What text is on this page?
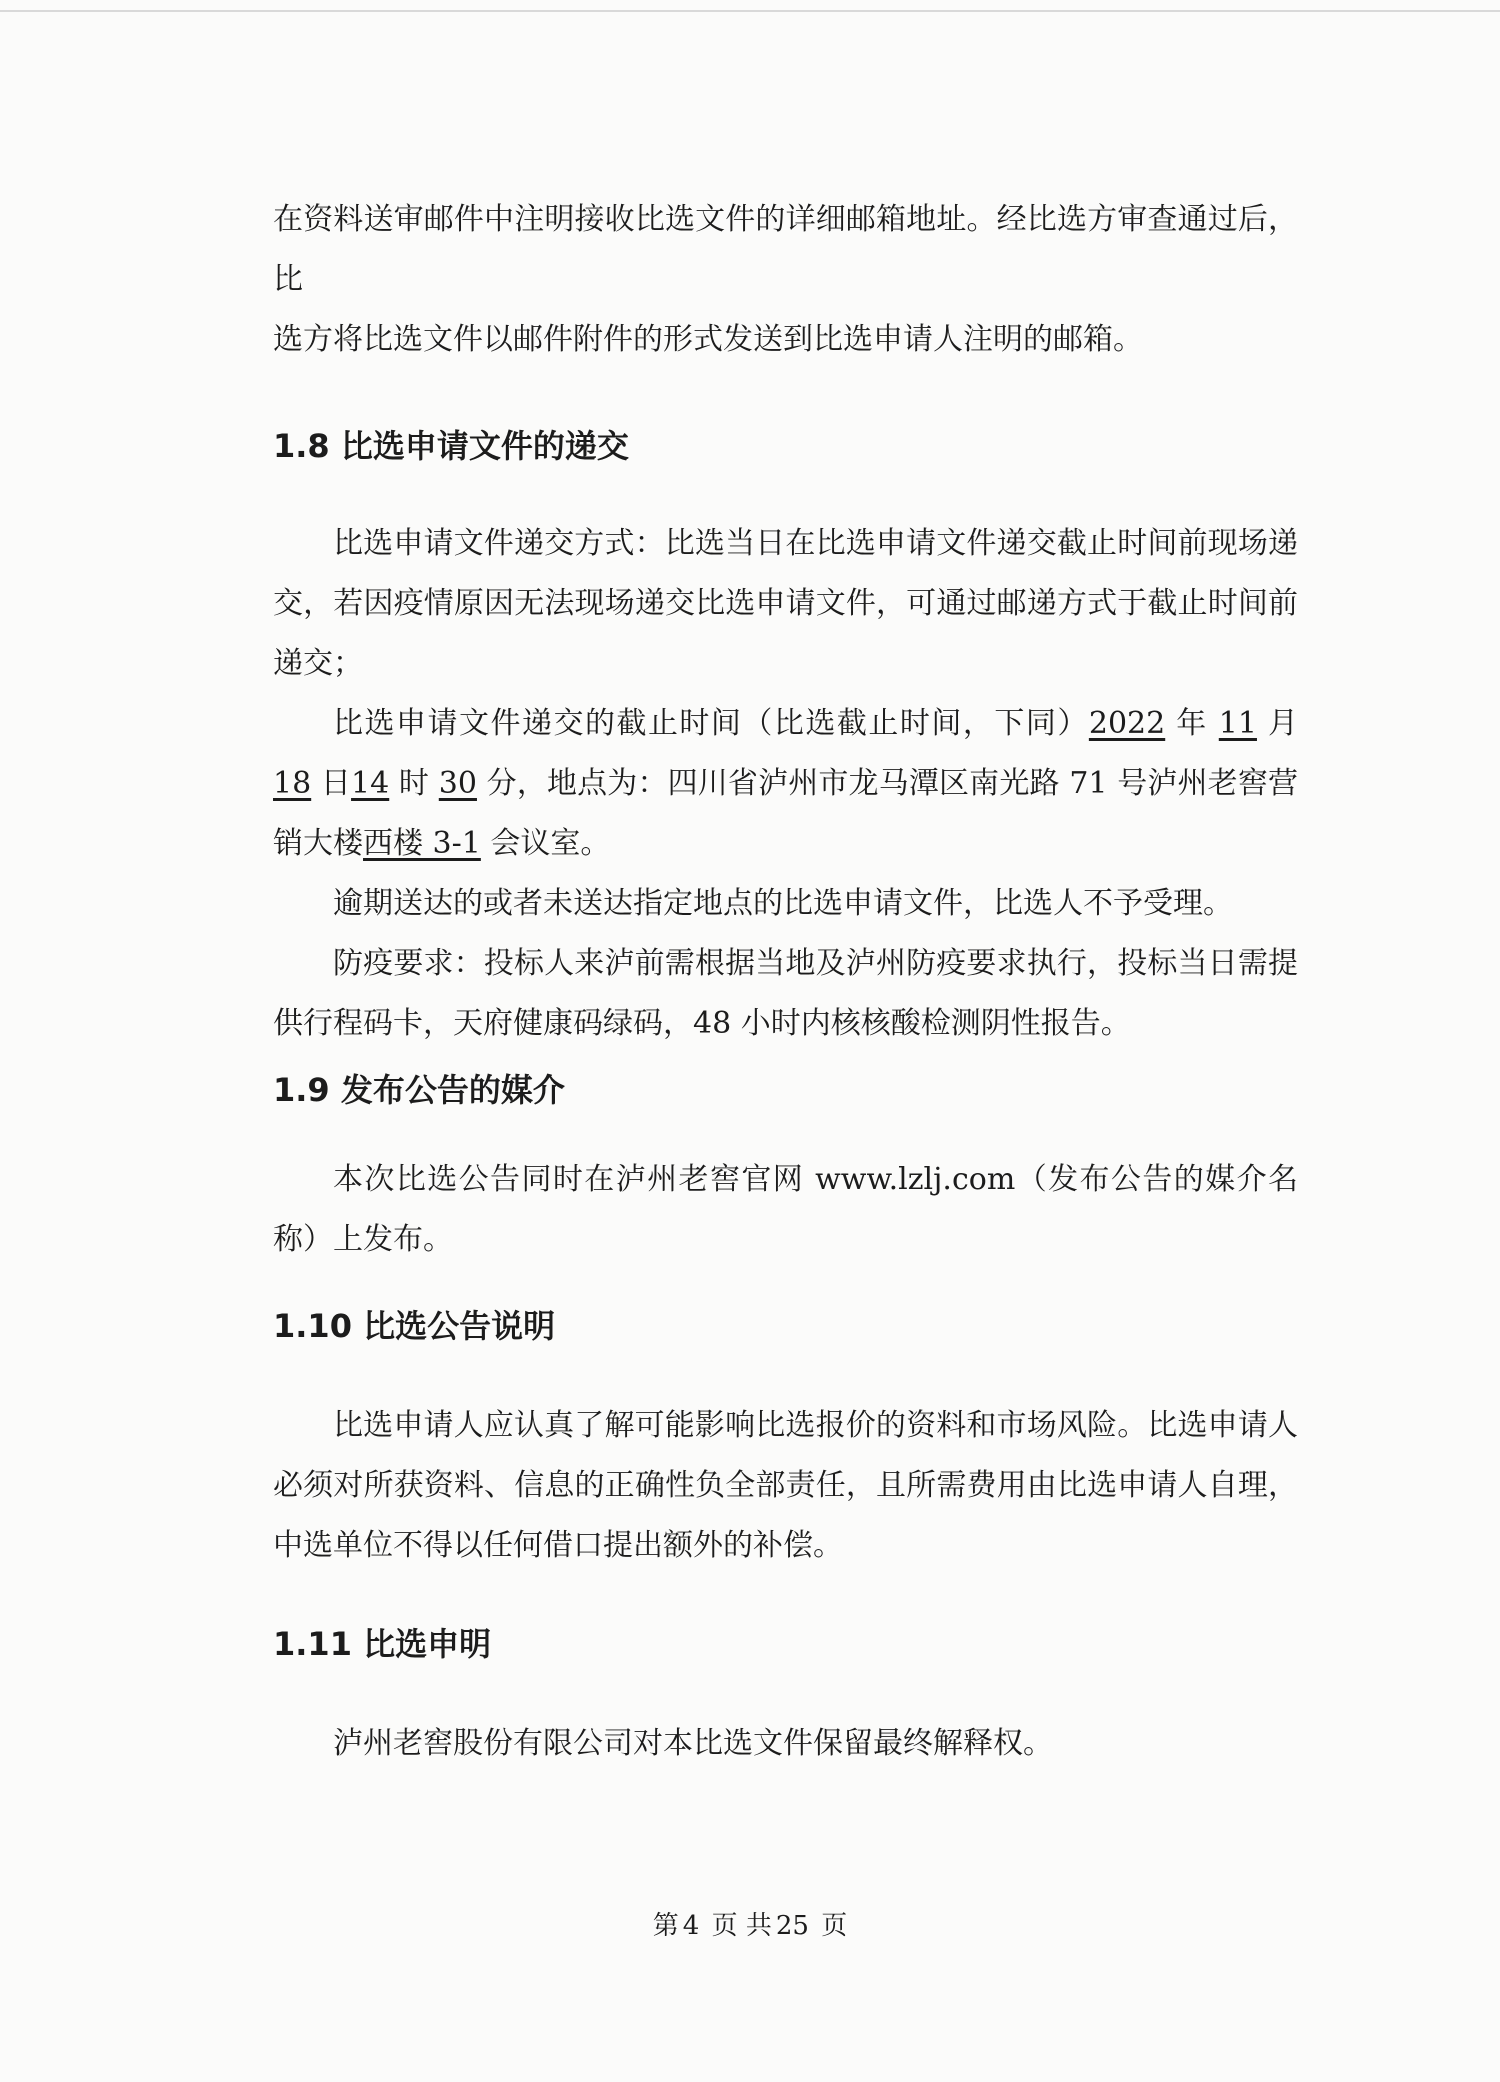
在资料送审邮件中注明接收比选文件的详细邮箱地址。经比选方审查通过后，比

选方将比选文件以邮件附件的形式发送到比选申请人注明的邮箱。

1.8 比选申请文件的递交

比选申请文件递交方式：比选当日在比选申请文件递交截止时间前现场递交，若因疫情原因无法现场递交比选申请文件，可通过邮递方式于截止时间前递交；

比选申请文件递交的截止时间（比选截止时间，下同）2022 年 11 月 18 日14 时 30 分，地点为：四川省泸州市龙马潭区南光路 71 号泸州老窖营销大楼西楼 3-1 会议室。

逾期送达的或者未送达指定地点的比选申请文件，比选人不予受理。

防疫要求：投标人来泸前需根据当地及泸州防疫要求执行，投标当日需提供行程码卡，天府健康码绿码，48 小时内核核酸检测阴性报告。

1.9 发布公告的媒介

本次比选公告同时在泸州老窖官网 www.lzlj.com（发布公告的媒介名称）上发布。

1.10 比选公告说明

比选申请人应认真了解可能影响比选报价的资料和市场风险。比选申请人必须对所获资料、信息的正确性负全部责任，且所需费用由比选申请人自理，中选单位不得以任何借口提出额外的补偿。

1.11 比选申明

泸州老窖股份有限公司对本比选文件保留最终解释权。

第 4 页 共 25 页
